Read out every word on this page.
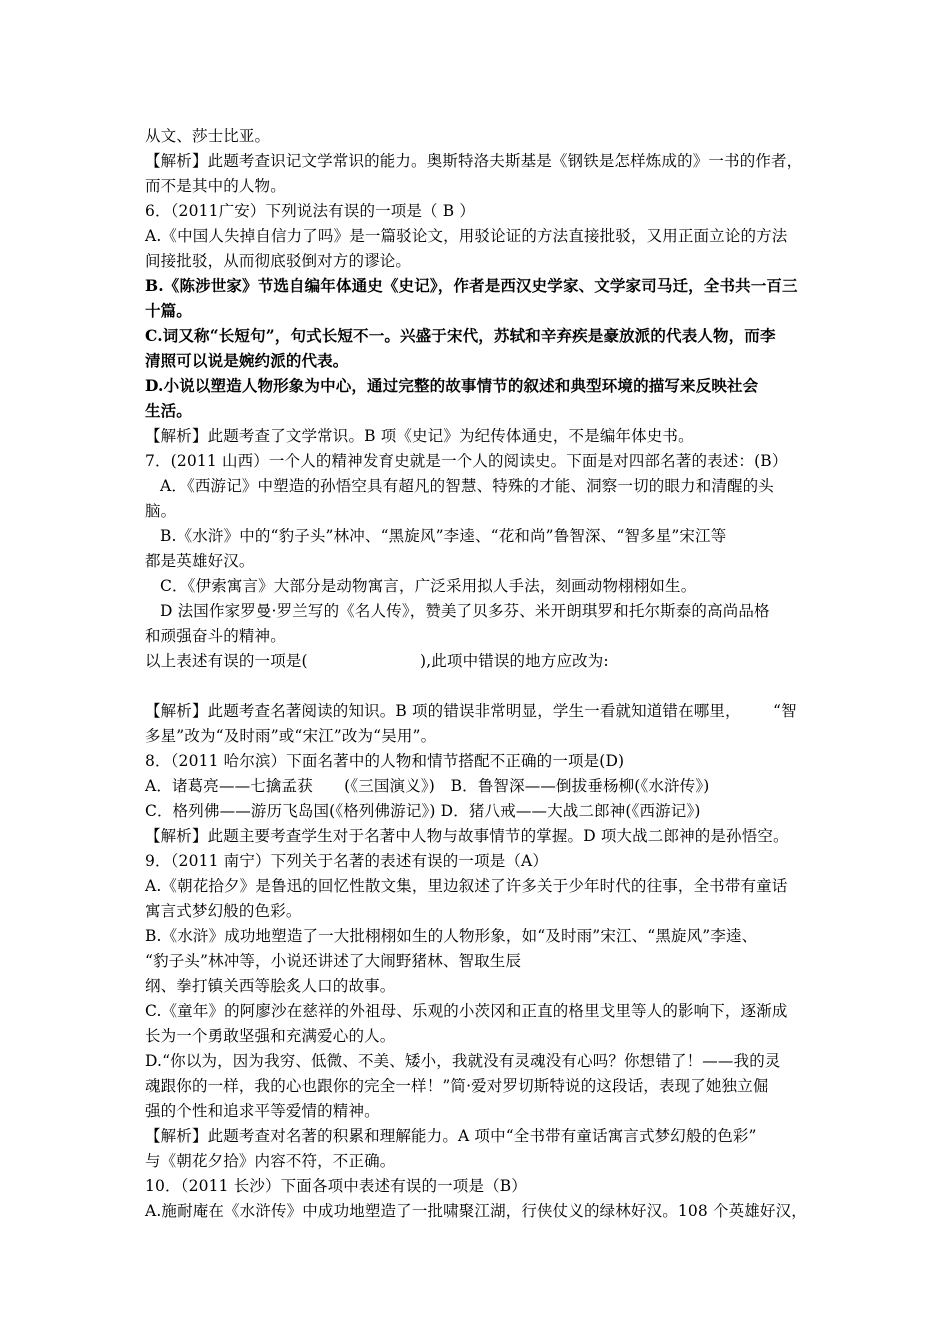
从文、莎士比亚。
【解析】此题考查识记文学常识的能力。奥斯特洛夫斯基是《钢铁是怎样炼成的》一书的作者，
而不是其中的人物。
6．（2011广安）下列说法有误的一项是（ B ）
A.《中国人失掉自信力了吗》是一篇驳论文，用驳论证的方法直接批驳，又用正面立论的方法
间接批驳，从而彻底驳倒对方的谬论。
B.《陈涉世家》节选自编年体通史《史记》，作者是西汉史学家、文学家司马迁，全书共一百三
十篇。
C.词又称“长短句”，句式长短不一。兴盛于宋代，苏轼和辛弃疾是豪放派的代表人物，而李
清照可以说是婉约派的代表。
D.小说以塑造人物形象为中心，通过完整的故事情节的叙述和典型环境的描写来反映社会
生活。
【解析】此题考查了文学常识。B 项《史记》为纪传体通史，不是编年体史书。
7．(2011 山西）一个人的精神发育史就是一个人的阅读史。下面是对四部名著的表述：(B）
A．《西游记》中塑造的孙悟空具有超凡的智慧、特殊的才能、洞察一切的眼力和清醒的头
脑。
B.《水浒》中的“豹子头”林冲、“黑旋风”李逵、“花和尚”鲁智深、“智多星”宋江等
都是英雄好汉。
C．《伊索寓言》大部分是动物寓言，广泛采用拟人手法，刻画动物栩栩如生。
D 法国作家罗曼·罗兰写的《名人传》，赞美了贝多芬、米开朗琪罗和托尔斯泰的高尚品格
和顽强奋斗的精神。
以上表述有误的一项是(	),此项中错误的地方应改为:
【解析】此题考查名著阅读的知识。B 项的错误非常明显，学生一看就知道错在哪里， “智
多星”改为“及时雨”或“宋江”改为“吴用”。
8．（2011 哈尔滨）下面名著中的人物和情节搭配不正确的一项是(D)
A．诸葛亮——七擒孟获　　(《三国演义》)　B．鲁智深——倒拔垂杨柳(《水浒传》)
C．格列佛——游历飞岛国(《格列佛游记》) D．猪八戒——大战二郎神(《西游记》)
【解析】此题主要考查学生对于名著中人物与故事情节的掌握。D 项大战二郎神的是孙悟空。
9．（2011 南宁）下列关于名著的表述有误的一项是（A）
A.《朝花拾夕》是鲁迅的回忆性散文集，里边叙述了许多关于少年时代的往事，全书带有童话
寓言式梦幻般的色彩。
B.《水浒》成功地塑造了一大批栩栩如生的人物形象，如“及时雨”宋江、“黑旋风”李逵、
“豹子头”林冲等，小说还讲述了大闹野猪林、智取生辰
纲、拳打镇关西等脍炙人口的故事。
C.《童年》的阿廖沙在慈祥的外祖母、乐观的小茨冈和正直的格里戈里等人的影响下，逐渐成
长为一个勇敢坚强和充满爱心的人。
D.“你以为，因为我穷、低微、不美、矮小，我就没有灵魂没有心吗？你想错了！——我的灵
魂跟你的一样，我的心也跟你的完全一样！”简·爱对罗切斯特说的这段话，表现了她独立倔
强的个性和追求平等爱情的精神。
【解析】此题考查对名著的积累和理解能力。A 项中“全书带有童话寓言式梦幻般的色彩”
与《朝花夕拾》内容不符，不正确。
10．（2011 长沙）下面各项中表述有误的一项是（B）
A.施耐庵在《水浒传》中成功地塑造了一批啸聚江湖，行侠仗义的绿林好汉。108 个英雄好汉，
